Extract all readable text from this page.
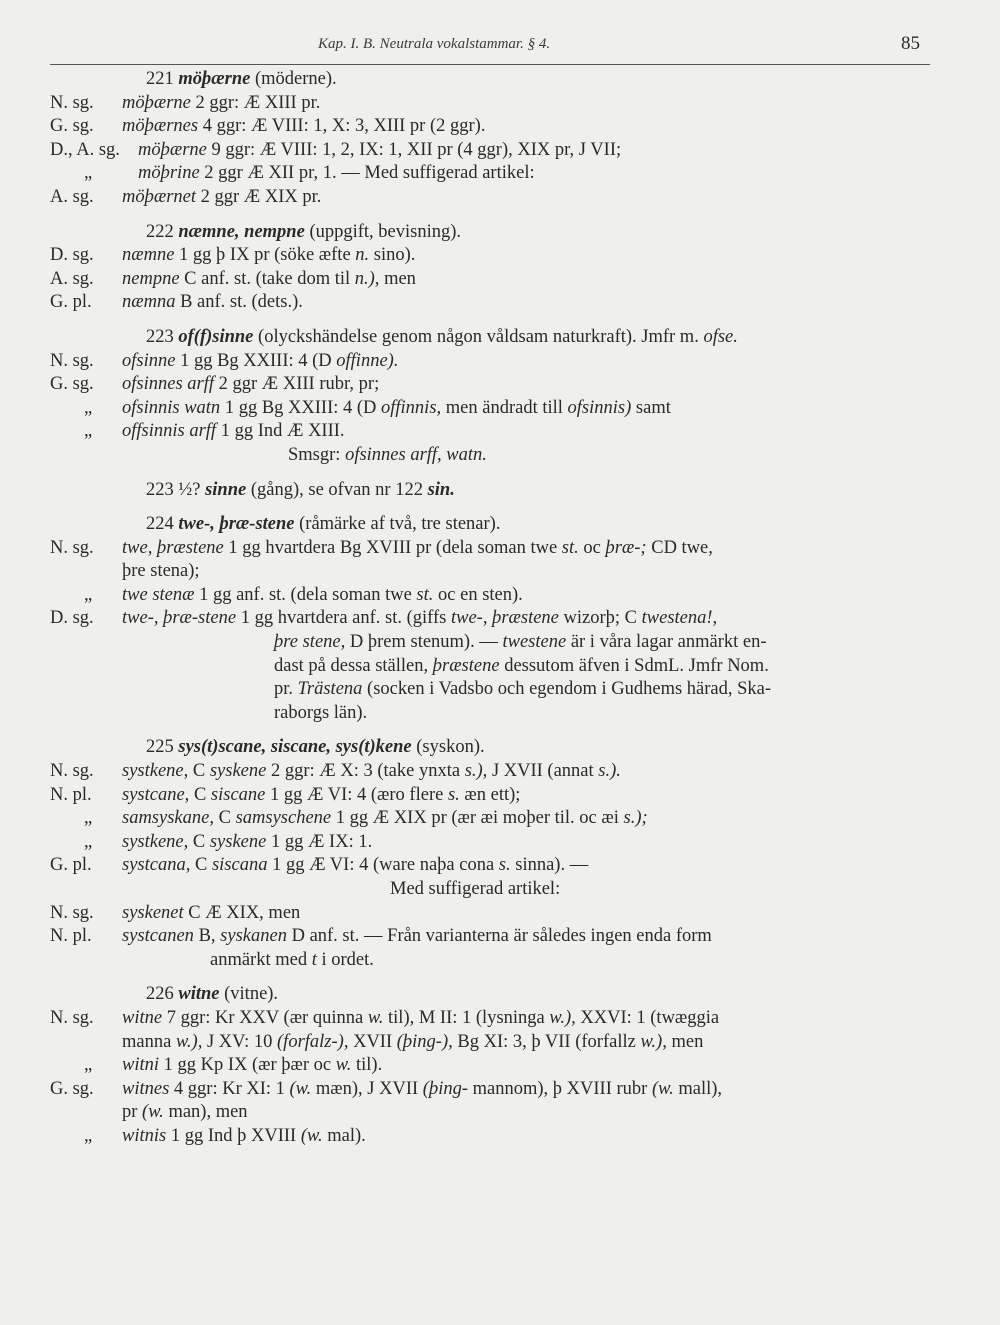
Kap. I. B. Neutrala vokalstammar. § 4.	85
221 möþærne (möderne).
N. sg. möþærne 2 ggr: Æ XIII pr.
G. sg. möþærnes 4 ggr: Æ VIII: 1, X: 3, XIII pr (2 ggr).
D., A. sg. möþærne 9 ggr: Æ VIII: 1, 2, IX: 1, XII pr (4 ggr), XIX pr, J VII;
„ möþrine 2 ggr Æ XII pr, 1. — Med suffigerad artikel:
A. sg. möþærnet 2 ggr Æ XIX pr.
222 næmne, nempne (uppgift, bevisning).
D. sg. næmne 1 gg þ IX pr (söke æfte n. sino).
A. sg. nempne C anf. st. (take dom til n.), men
G. pl. næmna B anf. st. (dets.).
223 of(f)sinne (olyckshändelse genom någon våldsam naturkraft). Jmfr m. ofse.
N. sg. ofsinne 1 gg Bg XXIII: 4 (D offinne).
G. sg. ofsinnes arff 2 ggr Æ XIII rubr, pr;
„ ofsinnis watn 1 gg Bg XXIII: 4 (D offinnis, men ändradt till ofsinnis) samt
„ offsinnis arff 1 gg Ind Æ XIII.
Smsgr: ofsinnes arff, watn.
223 ½? sinne (gång), se ofvan nr 122 sin.
224 twe-, þræ-stene (råmärke af två, tre stenar).
N. sg. twe, þræstene 1 gg hvartdera Bg XVIII pr (dela soman twe st. oc þræ-; CD twe,
þre stena);
„ twe stenæ 1 gg anf. st. (dela soman twe st. oc en sten).
D. sg. twe-, þræ-stene 1 gg hvartdera anf. st. (giffs twe-, þræstene wizorþ; C twestena!,
þre stene, D þrem stenum). — twestene är i våra lagar anmärkt en-
dast på dessa ställen, þræstene dessutom äfven i SdmL. Jmfr Nom.
pr. Trästena (socken i Vadsbo och egendom i Gudhems härad, Ska-
raborgs län).
225 sys(t)scane, siscane, sys(t)kene (syskon).
N. sg. systkene, C syskene 2 ggr: Æ X: 3 (take ynxta s.), J XVII (annat s.).
N. pl. systcane, C siscane 1 gg Æ VI: 4 (æro flere s. æn ett);
„ samsyskane, C samsyschene 1 gg Æ XIX pr (ær æi moþer til. oc æi s.);
„ systkene, C syskene 1 gg Æ IX: 1.
G. pl. systcana, C siscana 1 gg Æ VI: 4 (ware naþa cona s. sinna). —
Med suffigerad artikel:
N. sg. syskenet C Æ XIX, men
N. pl. systcanen B, syskanen D anf. st. — Från varianterna är således ingen enda form
anmärkt med t i ordet.
226 witne (vitne).
N. sg. witne 7 ggr: Kr XXV (ær quinna w. til), M II: 1 (lysninga w.), XXVI: 1 (twæggia
manna w.), J XV: 10 (forfalz-), XVII (þing-), Bg XI: 3, þ VII (forfallz w.), men
„ witni 1 gg Kp IX (ær þær oc w. til).
G. sg. witnes 4 ggr: Kr XI: 1 (w. mæn), J XVII (þing- mannom), þ XVIII rubr (w. mall),
pr (w. man), men
„ witnis 1 gg Ind þ XVIII (w. mal).
